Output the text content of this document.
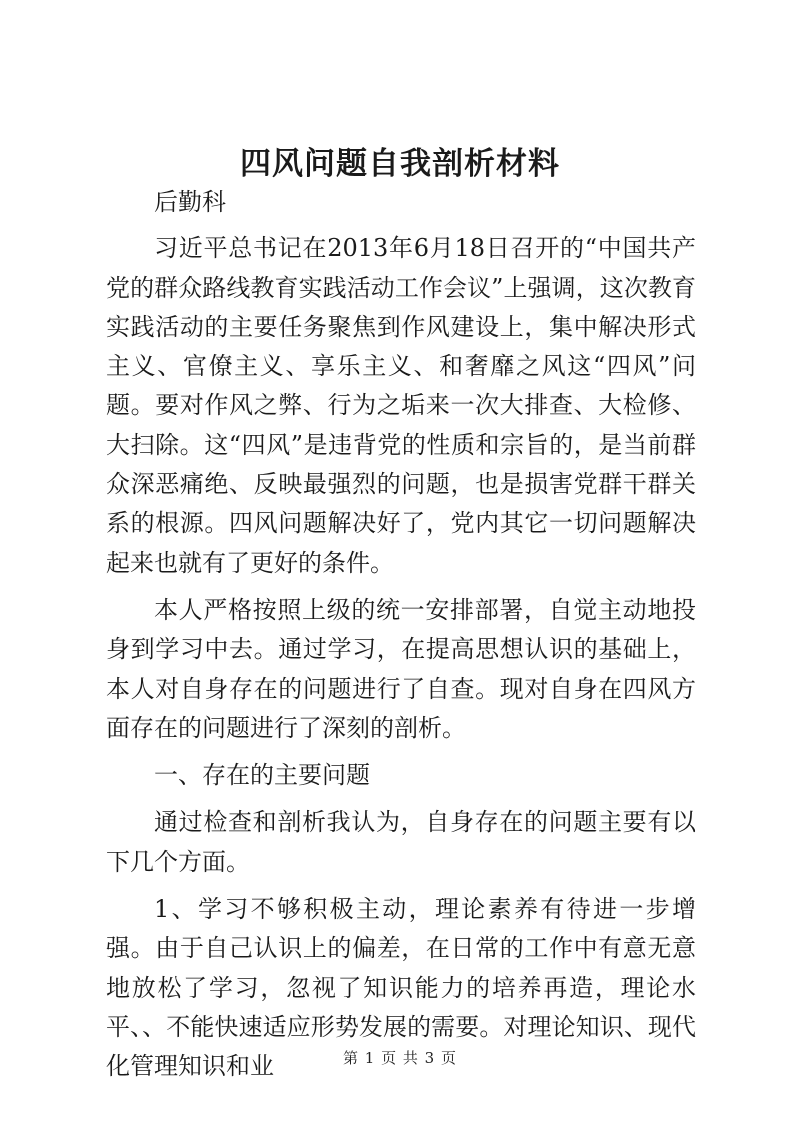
四风问题自我剖析材料

后勤科

习近平总书记在2013年6月18日召开的“中国共产党的群众路线教育实践活动工作会议”上强调，这次教育实践活动的主要任务聚焦到作风建设上，集中解决形式主义、官僚主义、享乐主义、和奢靡之风这“四风”问题。要对作风之弊、行为之垢来一次大排查、大检修、大扫除。这“四风”是违背党的性质和宗旨的，是当前群众深恶痛绝、反映最强烈的问题，也是损害党群干群关系的根源。四风问题解决好了，党内其它一切问题解决起来也就有了更好的条件。

本人严格按照上级的统一安排部署，自觉主动地投身到学习中去。通过学习，在提高思想认识的基础上，本人对自身存在的问题进行了自查。现对自身在四风方面存在的问题进行了深刻的剖析。

一、存在的主要问题

通过检查和剖析我认为，自身存在的问题主要有以下几个方面。

1、学习不够积极主动，理论素养有待进一步增强。由于自己认识上的偏差，在日常的工作中有意无意地放松了学习，忽视了知识能力的培养再造，理论水平、、不能快速适应形势发展的需要。对理论知识、现代化管理知识和业	第 1 页 共 3 页
